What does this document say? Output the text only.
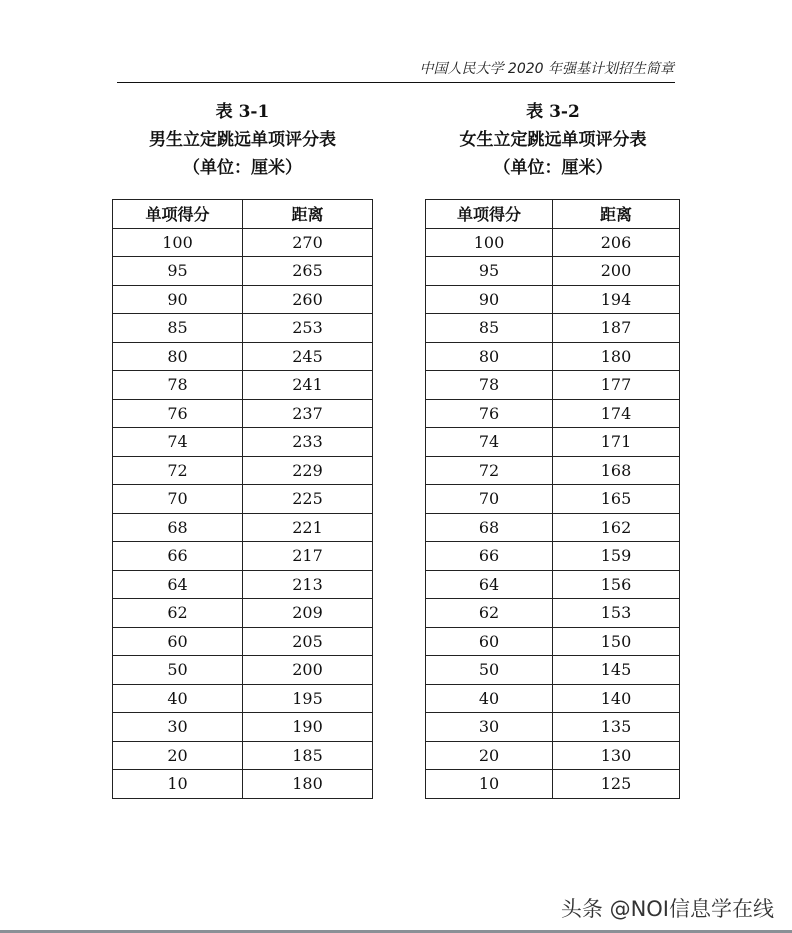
中国人民大学 2020 年强基计划招生简章
表 3-1
男生立定跳远单项评分表
（单位：厘米）
单项得分	距离
100	270
95	265
90	260
85	253
80	245
78	241
76	237
74	233
72	229
70	225
68	221
66	217
64	213
62	209
60	205
50	200
40	195
30	190
20	185
10	180
表 3-2
女生立定跳远单项评分表
（单位：厘米）
单项得分	距离
100	206
95	200
90	194
85	187
80	180
78	177
76	174
74	171
72	168
70	165
68	162
66	159
64	156
62	153
60	150
50	145
40	140
30	135
20	130
10	125
头条 @NOI信息学在线
